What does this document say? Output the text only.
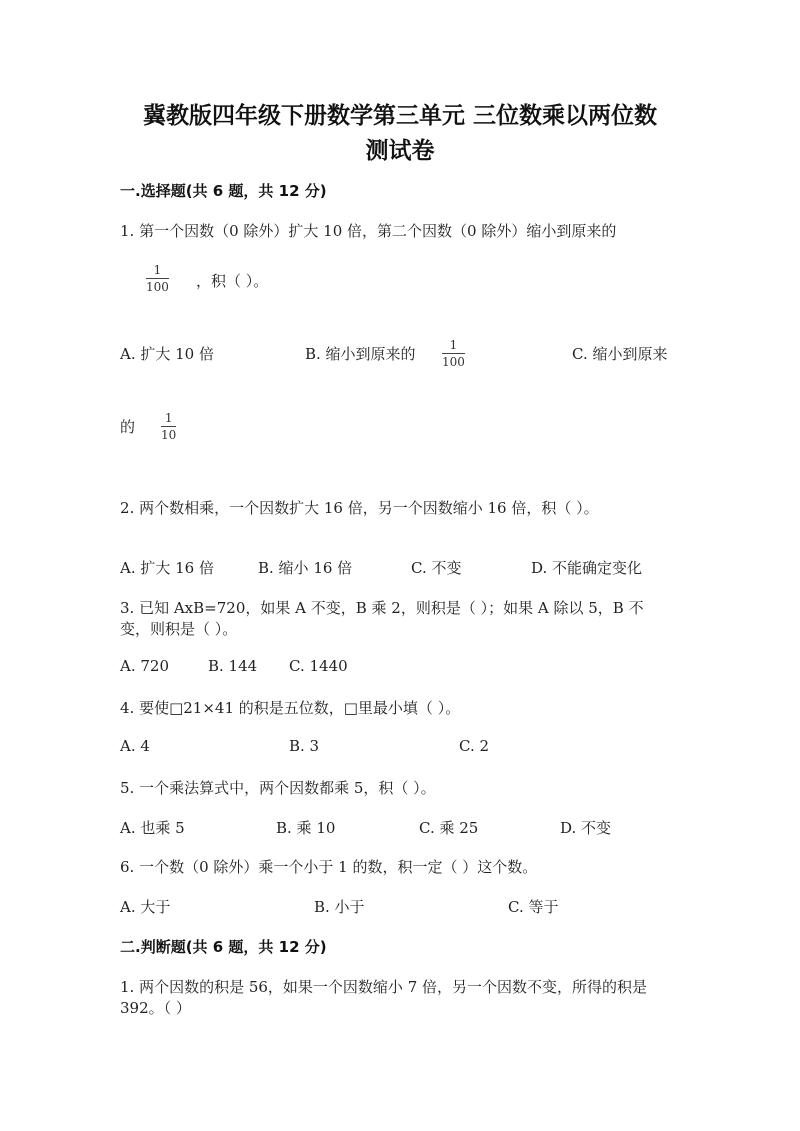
冀教版四年级下册数学第三单元 三位数乘以两位数
测试卷
一.选择题(共 6 题，共 12 分)
1. 第一个因数（0 除外）扩大 10 倍，第二个因数（0 除外）缩小到原来的
1
100 ，积（ ）。
A. 扩大 10 倍	B. 缩小到原来的	1
100	C. 缩小到原来
的 1
10
2. 两个数相乘，一个因数扩大 16 倍，另一个因数缩小 16 倍，积（ ）。
A. 扩大 16 倍	B. 缩小 16 倍	C. 不变	D. 不能确定变化
3. 已知 AxB=720，如果 A 不变，B 乘 2，则积是（ ）；如果 A 除以 5，B 不
变，则积是（ ）。
A. 720	B. 144 C. 1440
4. 要使□21×41 的积是五位数，□里最小填（ ）。
A. 4	B. 3	C. 2
5. 一个乘法算式中，两个因数都乘 5，积（ ）。
A. 也乘 5	B. 乘 10	C. 乘 25	D. 不变
6. 一个数（0 除外）乘一个小于 1 的数，积一定（ ）这个数。
A. 大于	B. 小于	C. 等于
二.判断题(共 6 题，共 12 分)
1. 两个因数的积是 56，如果一个因数缩小 7 倍，另一个因数不变，所得的积是
392。（ ）
